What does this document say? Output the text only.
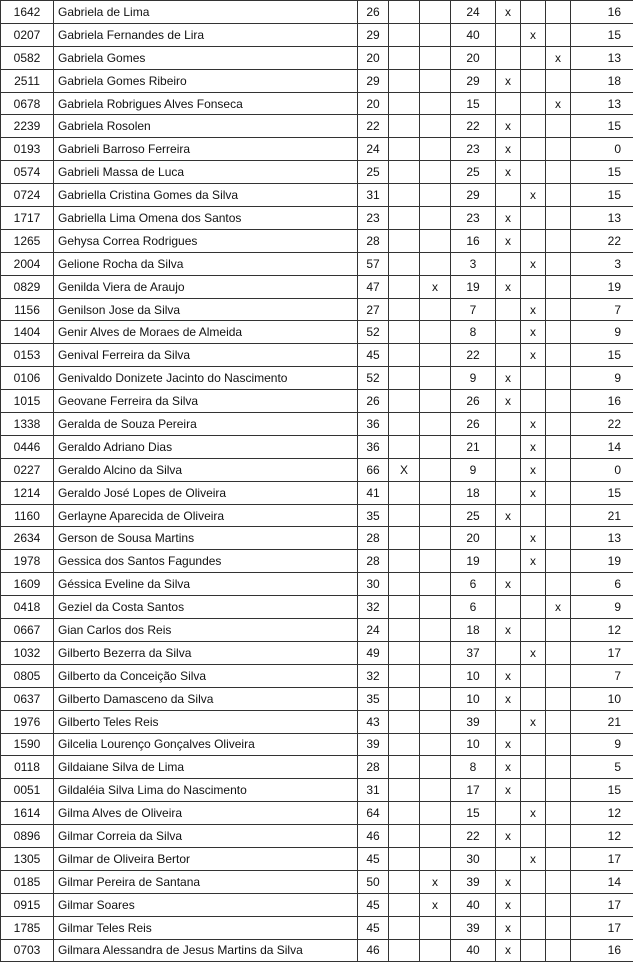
1642	Gabriela de Lima	26			24	x			16
0207	Gabriela Fernandes de Lira	29			40		x		15
0582	Gabriela Gomes	20			20			x	13
2511	Gabriela Gomes Ribeiro	29			29	x			18
0678	Gabriela Robrigues Alves Fonseca	20			15			x	13
2239	Gabriela Rosolen	22			22	x			15
0193	Gabrieli Barroso Ferreira	24			23	x			0
0574	Gabrieli Massa de Luca	25			25	x			15
0724	Gabriella Cristina Gomes da Silva	31			29		x		15
1717	Gabriella Lima Omena dos Santos	23			23	x			13
1265	Gehysa Correa Rodrigues	28			16	x			22
2004	Gelione Rocha da Silva	57			3		x		3
0829	Genilda Viera de Araujo	47		x	19	x			19
1156	Genilson Jose da Silva	27			7		x		7
1404	Genir Alves de Moraes de Almeida	52			8		x		9
0153	Genival Ferreira da Silva	45			22		x		15
0106	Genivaldo Donizete Jacinto do Nascimento	52			9	x			9
1015	Geovane Ferreira da Silva	26			26	x			16
1338	Geralda de Souza Pereira	36			26		x		22
0446	Geraldo Adriano Dias	36			21		x		14
0227	Geraldo Alcino da Silva	66	X		9		x		0
1214	Geraldo José Lopes de Oliveira	41			18		x		15
1160	Gerlayne Aparecida de Oliveira	35			25	x			21
2634	Gerson de Sousa Martins	28			20		x		13
1978	Gessica dos Santos Fagundes	28			19		x		19
1609	Géssica Eveline da Silva	30			6	x			6
0418	Geziel da Costa Santos	32			6			x	9
0667	Gian Carlos dos Reis	24			18	x			12
1032	Gilberto Bezerra da Silva	49			37		x		17
0805	Gilberto da Conceição Silva	32			10	x			7
0637	Gilberto Damasceno da Silva	35			10	x			10
1976	Gilberto Teles Reis	43			39		x		21
1590	Gilcelia Lourenço Gonçalves Oliveira	39			10	x			9
0118	Gildaiane Silva de Lima	28			8	x			5
0051	Gildaléia Silva Lima do Nascimento	31			17	x			15
1614	Gilma Alves de Oliveira	64			15		x		12
0896	Gilmar Correia da Silva	46			22	x			12
1305	Gilmar de Oliveira Bertor	45			30		x		17
0185	Gilmar Pereira de Santana	50		x	39	x			14
0915	Gilmar Soares	45		x	40	x			17
1785	Gilmar Teles Reis	45			39	x			17
0703	Gilmara Alessandra de Jesus Martins da Silva	46			40	x			16
